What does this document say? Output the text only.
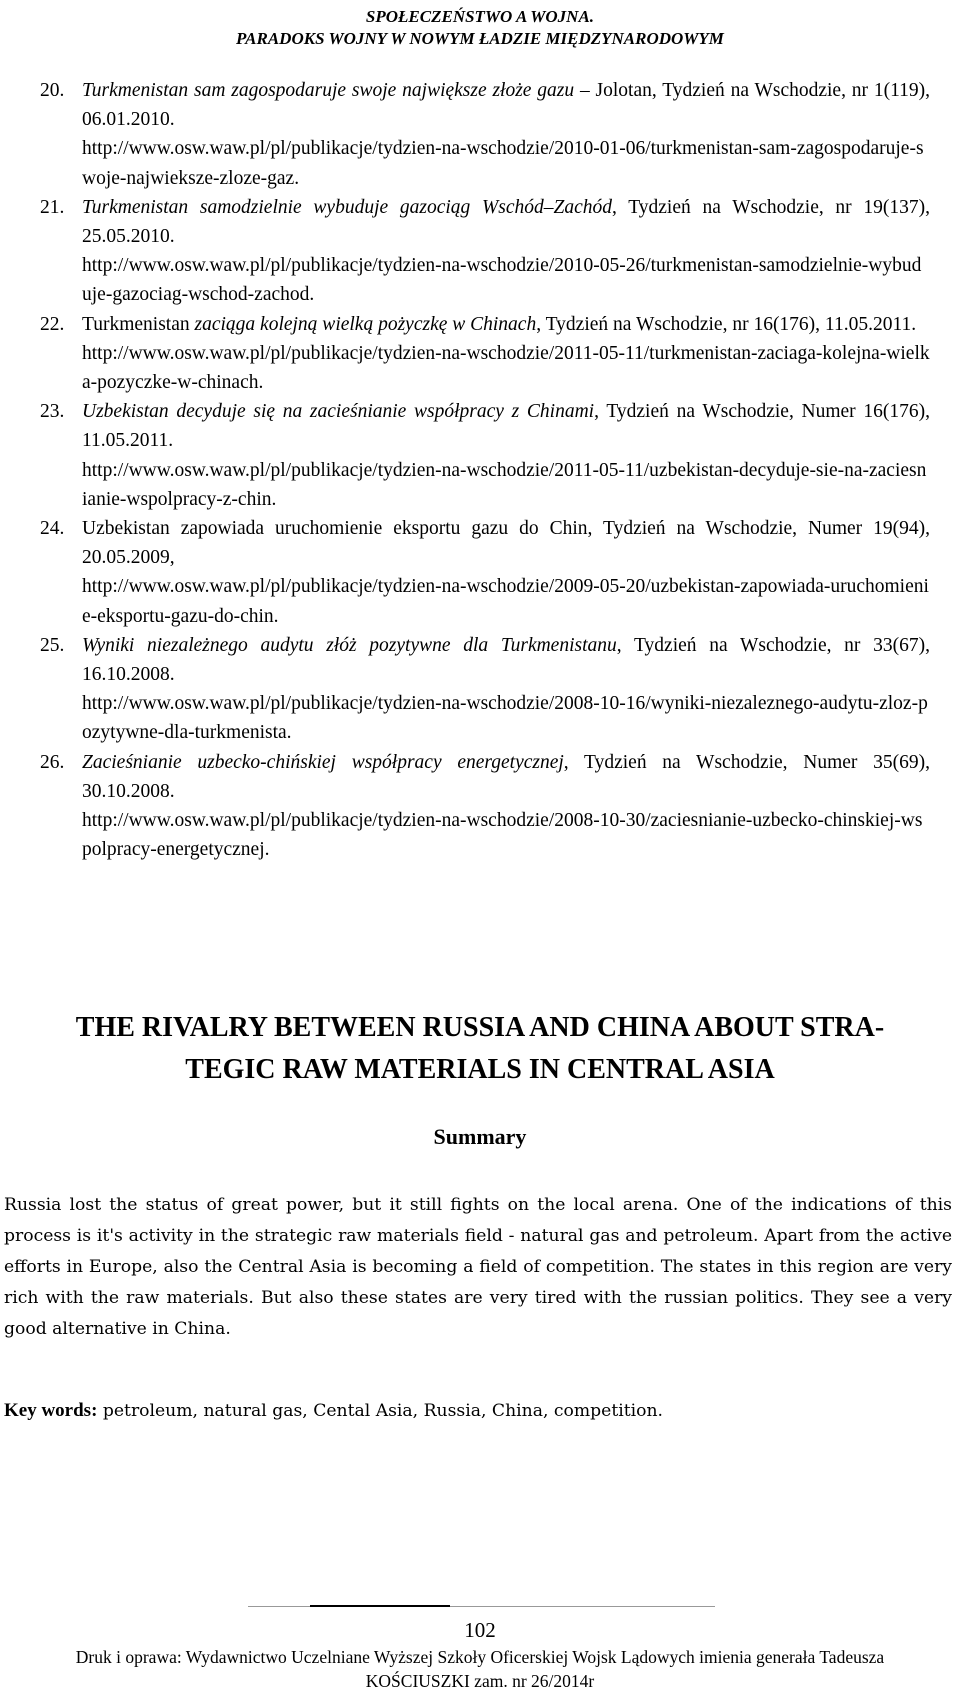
SPOŁECZEŃSTWO A WOJNA.
PARADOKS WOJNY W NOWYM ŁADZIE MIĘDZYNARODOWYM
20. Turkmenistan sam zagospodaruje swoje największe złoże gazu – Jolotan, Tydzień na Wschodzie, nr 1(119), 06.01.2010.
http://www.osw.waw.pl/pl/publikacje/tydzien-na-wschodzie/2010-01-06/turkmenistan-sam-zagospodaruje-swoje-najwieksze-zloze-gaz.
21. Turkmenistan samodzielnie wybuduje gazociąg Wschód–Zachód, Tydzień na Wschodzie, nr 19(137), 25.05.2010.
http://www.osw.waw.pl/pl/publikacje/tydzien-na-wschodzie/2010-05-26/turkmenistan-samodzielnie-wybuduje-gazociag-wschod-zachod.
22. Turkmenistan zaciąga kolejną wielką pożyczkę w Chinach, Tydzień na Wschodzie, nr 16(176), 11.05.2011.
http://www.osw.waw.pl/pl/publikacje/tydzien-na-wschodzie/2011-05-11/turkmenistan-zaciaga-kolejna-wielka-pozyczke-w-chinach.
23. Uzbekistan decyduje się na zacieśnianie współpracy z Chinami, Tydzień na Wschodzie, Numer 16(176), 11.05.2011.
http://www.osw.waw.pl/pl/publikacje/tydzien-na-wschodzie/2011-05-11/uzbekistan-decyduje-sie-na-zaciesnianie-wspolpracy-z-chin.
24. Uzbekistan zapowiada uruchomienie eksportu gazu do Chin, Tydzień na Wschodzie, Numer 19(94), 20.05.2009,
http://www.osw.waw.pl/pl/publikacje/tydzien-na-wschodzie/2009-05-20/uzbekistan-zapowiada-uruchomienie-eksportu-gazu-do-chin.
25. Wyniki niezależnego audytu złóż pozytywne dla Turkmenistanu, Tydzień na Wschodzie, nr 33(67), 16.10.2008.
http://www.osw.waw.pl/pl/publikacje/tydzien-na-wschodzie/2008-10-16/wyniki-niezaleznego-audytu-zloz-pozytywne-dla-turkmenista.
26. Zacieśnianie uzbecko-chińskiej współpracy energetycznej, Tydzień na Wschodzie, Numer 35(69), 30.10.2008.
http://www.osw.waw.pl/pl/publikacje/tydzien-na-wschodzie/2008-10-30/zaciesnianie-uzbecko-chinskiej-wspolpracy-energetycznej.
THE RIVALRY BETWEEN RUSSIA AND CHINA ABOUT STRA-
TEGIC RAW MATERIALS IN CENTRAL ASIA
Summary

Russia lost the status of great power, but it still fights on the local arena. One of the indications of this process is it's activity in the strategic raw materials field - natural gas and petroleum. Apart from the active efforts in Europe, also the Central Asia is becoming a field of competition. The states in this region are very rich with the raw materials. But also these states are very tired with the russian politics. They see a very good alternative in China.

Key words: petroleum, natural gas, Cental Asia, Russia, China, competition.

102
Druk i oprawa: Wydawnictwo Uczelniane Wyższej Szkoły Oficerskiej Wojsk Lądowych imienia generała Tadeusza
KOŚCIUSZKI zam. nr 26/2014r
